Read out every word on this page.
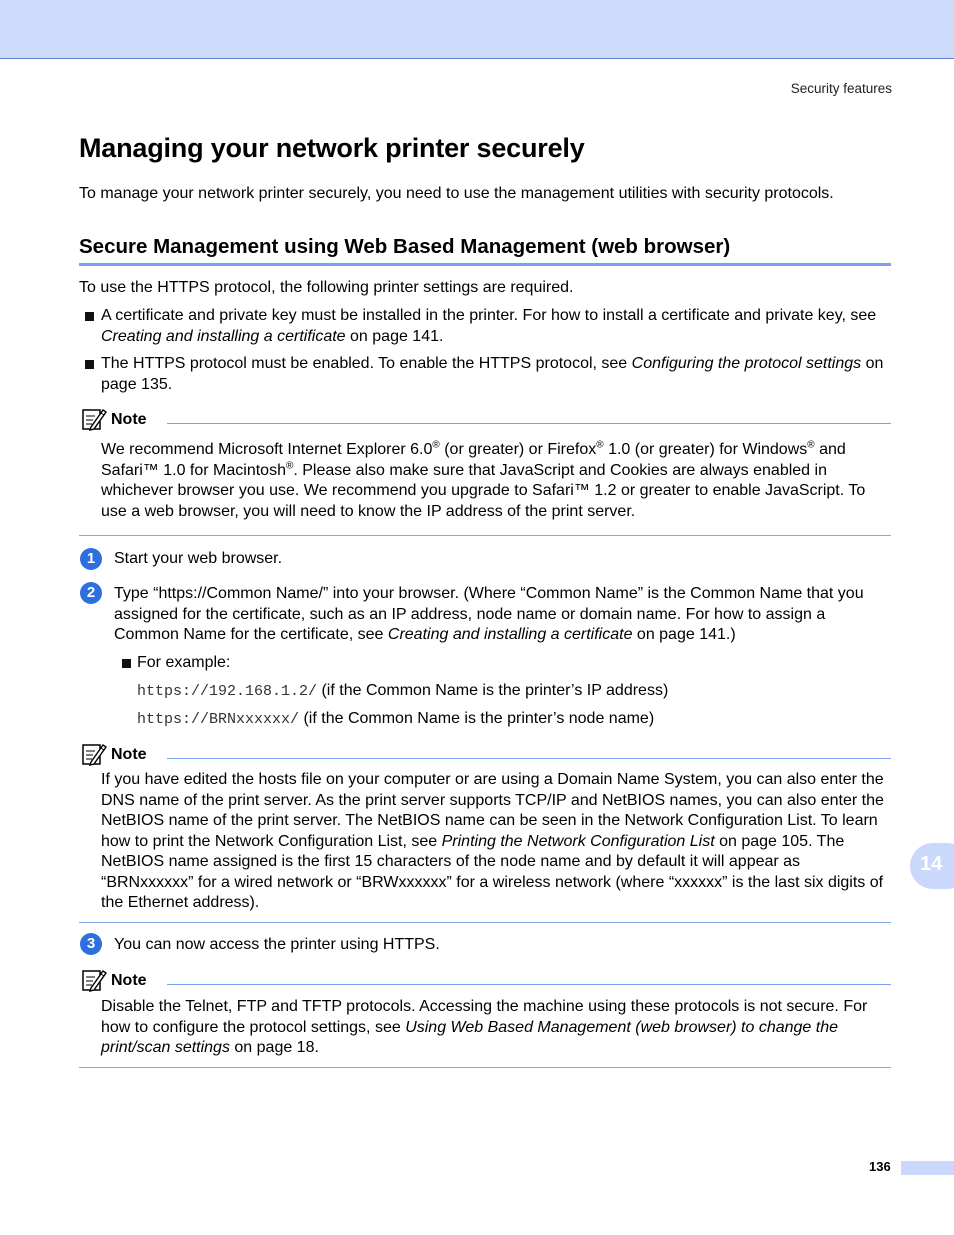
Security features
Managing your network printer securely

To manage your network printer securely, you need to use the management utilities with security protocols.

Secure Management using Web Based Management (web browser)

To use the HTTPS protocol, the following printer settings are required.

A certificate and private key must be installed in the printer. For how to install a certificate and private key, see Creating and installing a certificate on page 141.

The HTTPS protocol must be enabled. To enable the HTTPS protocol, see Configuring the protocol settings on page 135.

Note

We recommend Microsoft Internet Explorer 6.0® (or greater) or Firefox® 1.0 (or greater) for Windows® and Safari™ 1.0 for Macintosh®. Please also make sure that JavaScript and Cookies are always enabled in whichever browser you use. We recommend you upgrade to Safari™ 1.2 or greater to enable JavaScript. To use a web browser, you will need to know the IP address of the print server.

1	Start your web browser.

2	Type “https://Common Name/” into your browser. (Where “Common Name” is the Common Name that you assigned for the certificate, such as an IP address, node name or domain name. For how to assign a Common Name for the certificate, see Creating and installing a certificate on page 141.)

For example:

https://192.168.1.2/ (if the Common Name is the printer’s IP address)

https://BRNxxxxxx/ (if the Common Name is the printer’s node name)

Note

If you have edited the hosts file on your computer or are using a Domain Name System, you can also enter the DNS name of the print server. As the print server supports TCP/IP and NetBIOS names, you can also enter the NetBIOS name of the print server. The NetBIOS name can be seen in the Network Configuration List. To learn how to print the Network Configuration List, see Printing the Network Configuration List on page 105. The NetBIOS name assigned is the first 15 characters of the node name and by default it will appear as “BRNxxxxxx” for a wired network or “BRWxxxxxx” for a wireless network (where “xxxxxx” is the last six digits of the Ethernet address).

3	You can now access the printer using HTTPS.

Note

Disable the Telnet, FTP and TFTP protocols. Accessing the machine using these protocols is not secure. For how to configure the protocol settings, see Using Web Based Management (web browser) to change the print/scan settings on page 18.

14
136
